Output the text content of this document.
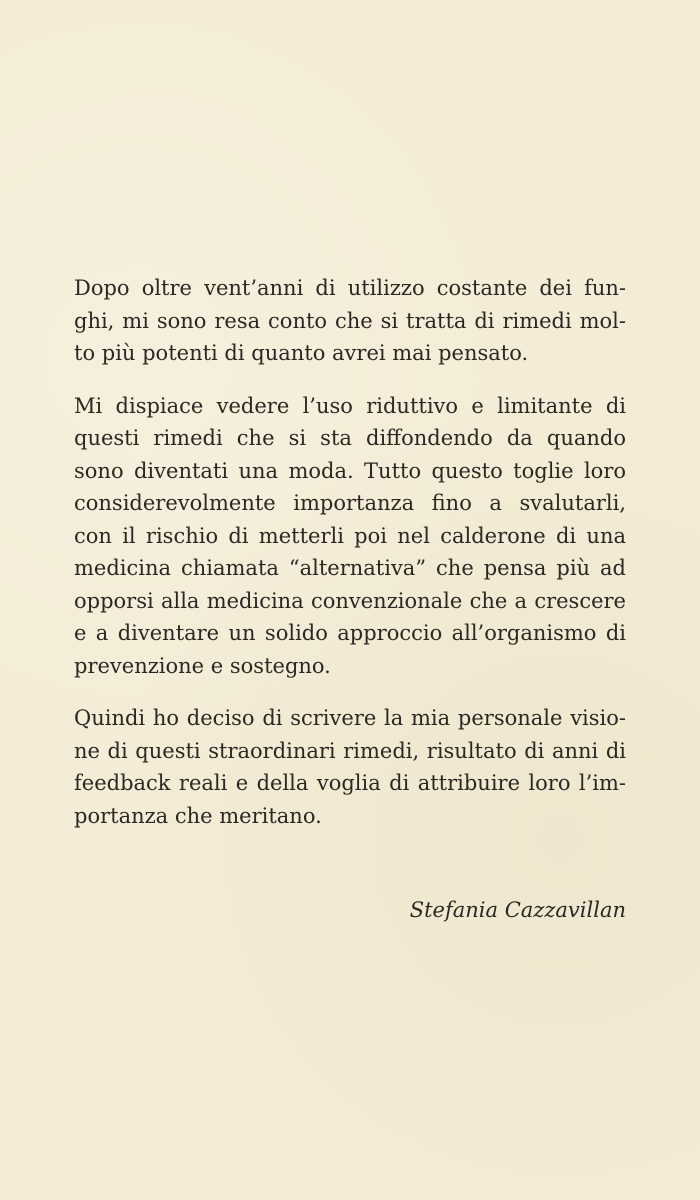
Dopo oltre vent’anni di utilizzo costante dei fun-
ghi, mi sono resa conto che si tratta di rimedi mol-
to più potenti di quanto avrei mai pensato.

Mi dispiace vedere l’uso riduttivo e limitante di
questi rimedi che si sta diffondendo da quando
sono diventati una moda. Tutto questo toglie loro
considerevolmente importanza fino a svalutarli,
con il rischio di metterli poi nel calderone di una
medicina chiamata “alternativa” che pensa più ad
opporsi alla medicina convenzionale che a crescere
e a diventare un solido approccio all’organismo di
prevenzione e sostegno.

Quindi ho deciso di scrivere la mia personale visio-
ne di questi straordinari rimedi, risultato di anni di
feedback reali e della voglia di attribuire loro l’im-
portanza che meritano.

Stefania Cazzavillan
